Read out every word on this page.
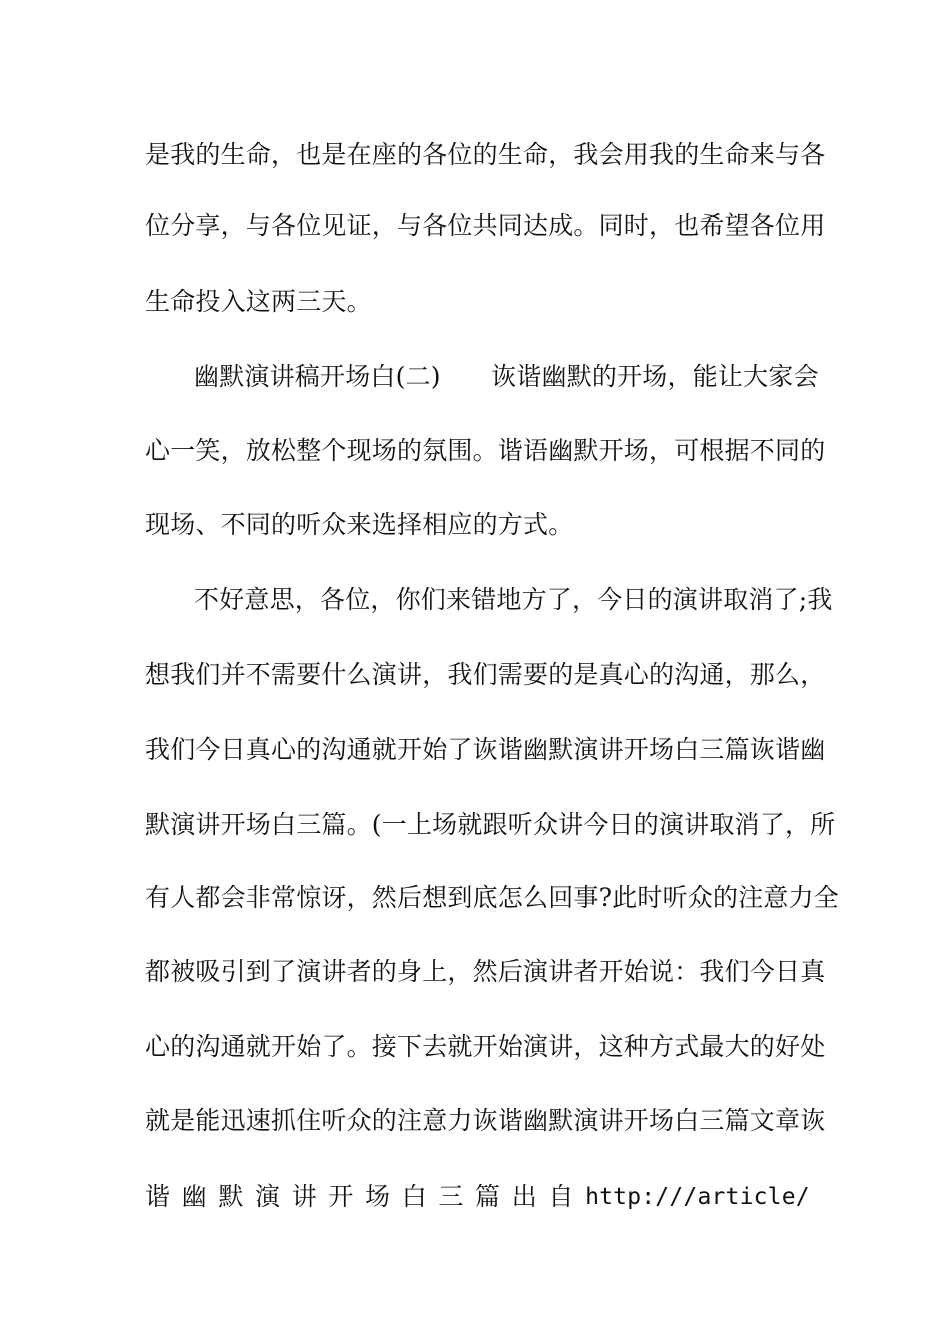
是我的生命，也是在座的各位的生命，我会用我的生命来与各
位分享，与各位见证，与各位共同达成。同时，也希望各位用
生命投入这两三天。
幽默演讲稿开场白(二)　　诙谐幽默的开场，能让大家会
心一笑，放松整个现场的氛围。谐语幽默开场，可根据不同的
现场、不同的听众来选择相应的方式。
不好意思，各位，你们来错地方了，今日的演讲取消了;我
想我们并不需要什么演讲，我们需要的是真心的沟通，那么，
我们今日真心的沟通就开始了诙谐幽默演讲开场白三篇诙谐幽
默演讲开场白三篇。(一上场就跟听众讲今日的演讲取消了，所
有人都会非常惊讶，然后想到底怎么回事?此时听众的注意力全
都被吸引到了演讲者的身上，然后演讲者开始说：我们今日真
心的沟通就开始了。接下去就开始演讲，这种方式最大的好处
就是能迅速抓住听众的注意力诙谐幽默演讲开场白三篇文章诙
谐 幽 默 演 讲 开 场 白 三 篇 出 自 http:///article/
